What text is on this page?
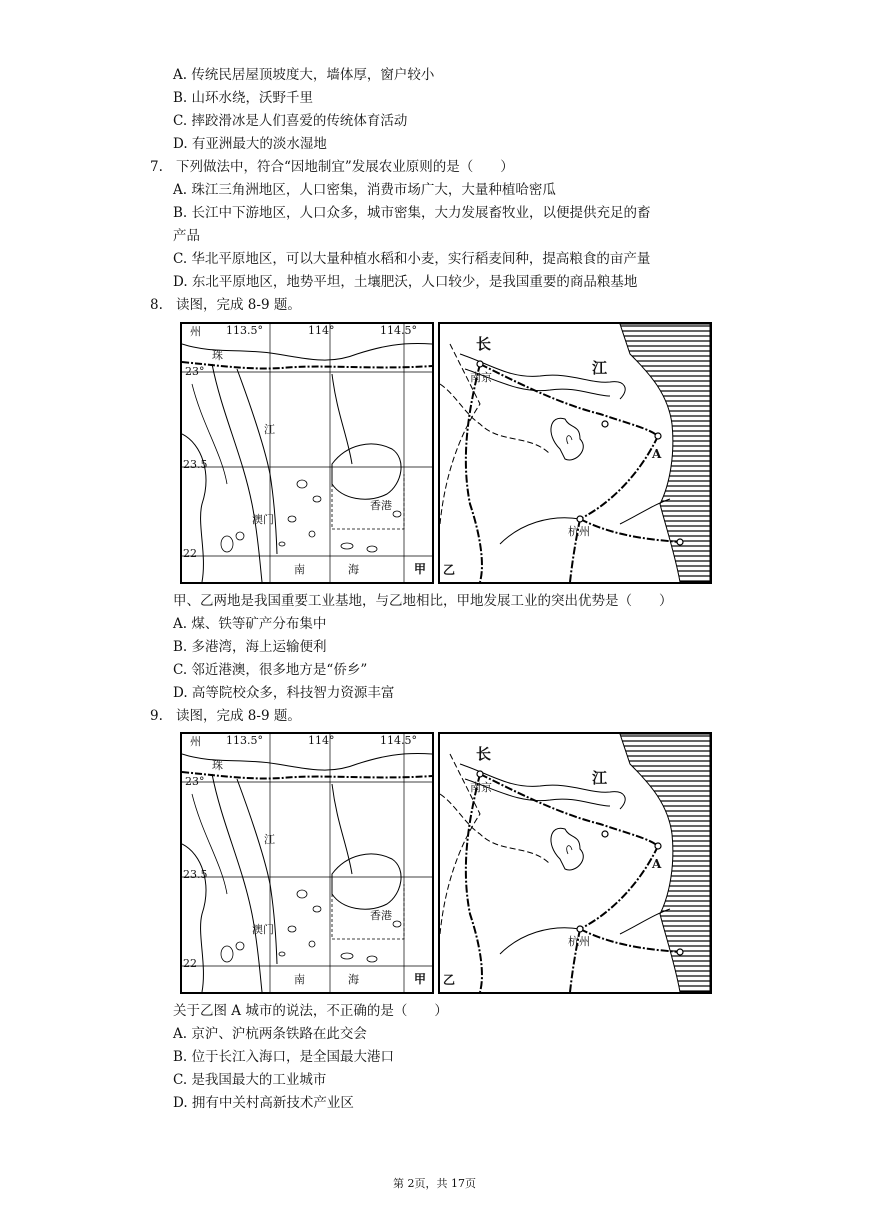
A. 传统民居屋顶坡度大，墙体厚，窗户较小
B. 山环水绕，沃野千里
C. 摔跤滑冰是人们喜爱的传统体育活动
D. 有亚洲最大的淡水湿地
7. 下列做法中，符合“因地制宜”发展农业原则的是（　　）
A. 珠江三角洲地区，人口密集，消费市场广大，大量种植哈密瓜
B. 长江中下游地区，人口众多，城市密集，大力发展畜牧业，以便提供充足的畜
产品
C. 华北平原地区，可以大量种植水稻和小麦，实行稻麦间种，提高粮食的亩产量
D. 东北平原地区，地势平坦，土壤肥沃，人口较少，是我国重要的商品粮基地
8. 读图，完成 8-9 题。
州 113.5°	114°	114.5°
珠
23°
江
23.5
澳门
香港
22
南	海	甲
长
南京
江
A
杭州
乙
甲、乙两地是我国重要工业基地，与乙地相比，甲地发展工业的突出优势是（　　）
A. 煤、铁等矿产分布集中
B. 多港湾，海上运输便利
C. 邻近港澳，很多地方是“侨乡”
D. 高等院校众多，科技智力资源丰富
9. 读图，完成 8-9 题。
州 113.5°	114°	114.5°
珠
23°
江
23.5
澳门
香港
22
南	海	甲
长
南京
江
A
杭州
乙
关于乙图 A 城市的说法，不正确的是（　　）
A. 京沪、沪杭两条铁路在此交会
B. 位于长江入海口，是全国最大港口
C. 是我国最大的工业城市
D. 拥有中关村高新技术产业区
第 2页，共 17页
